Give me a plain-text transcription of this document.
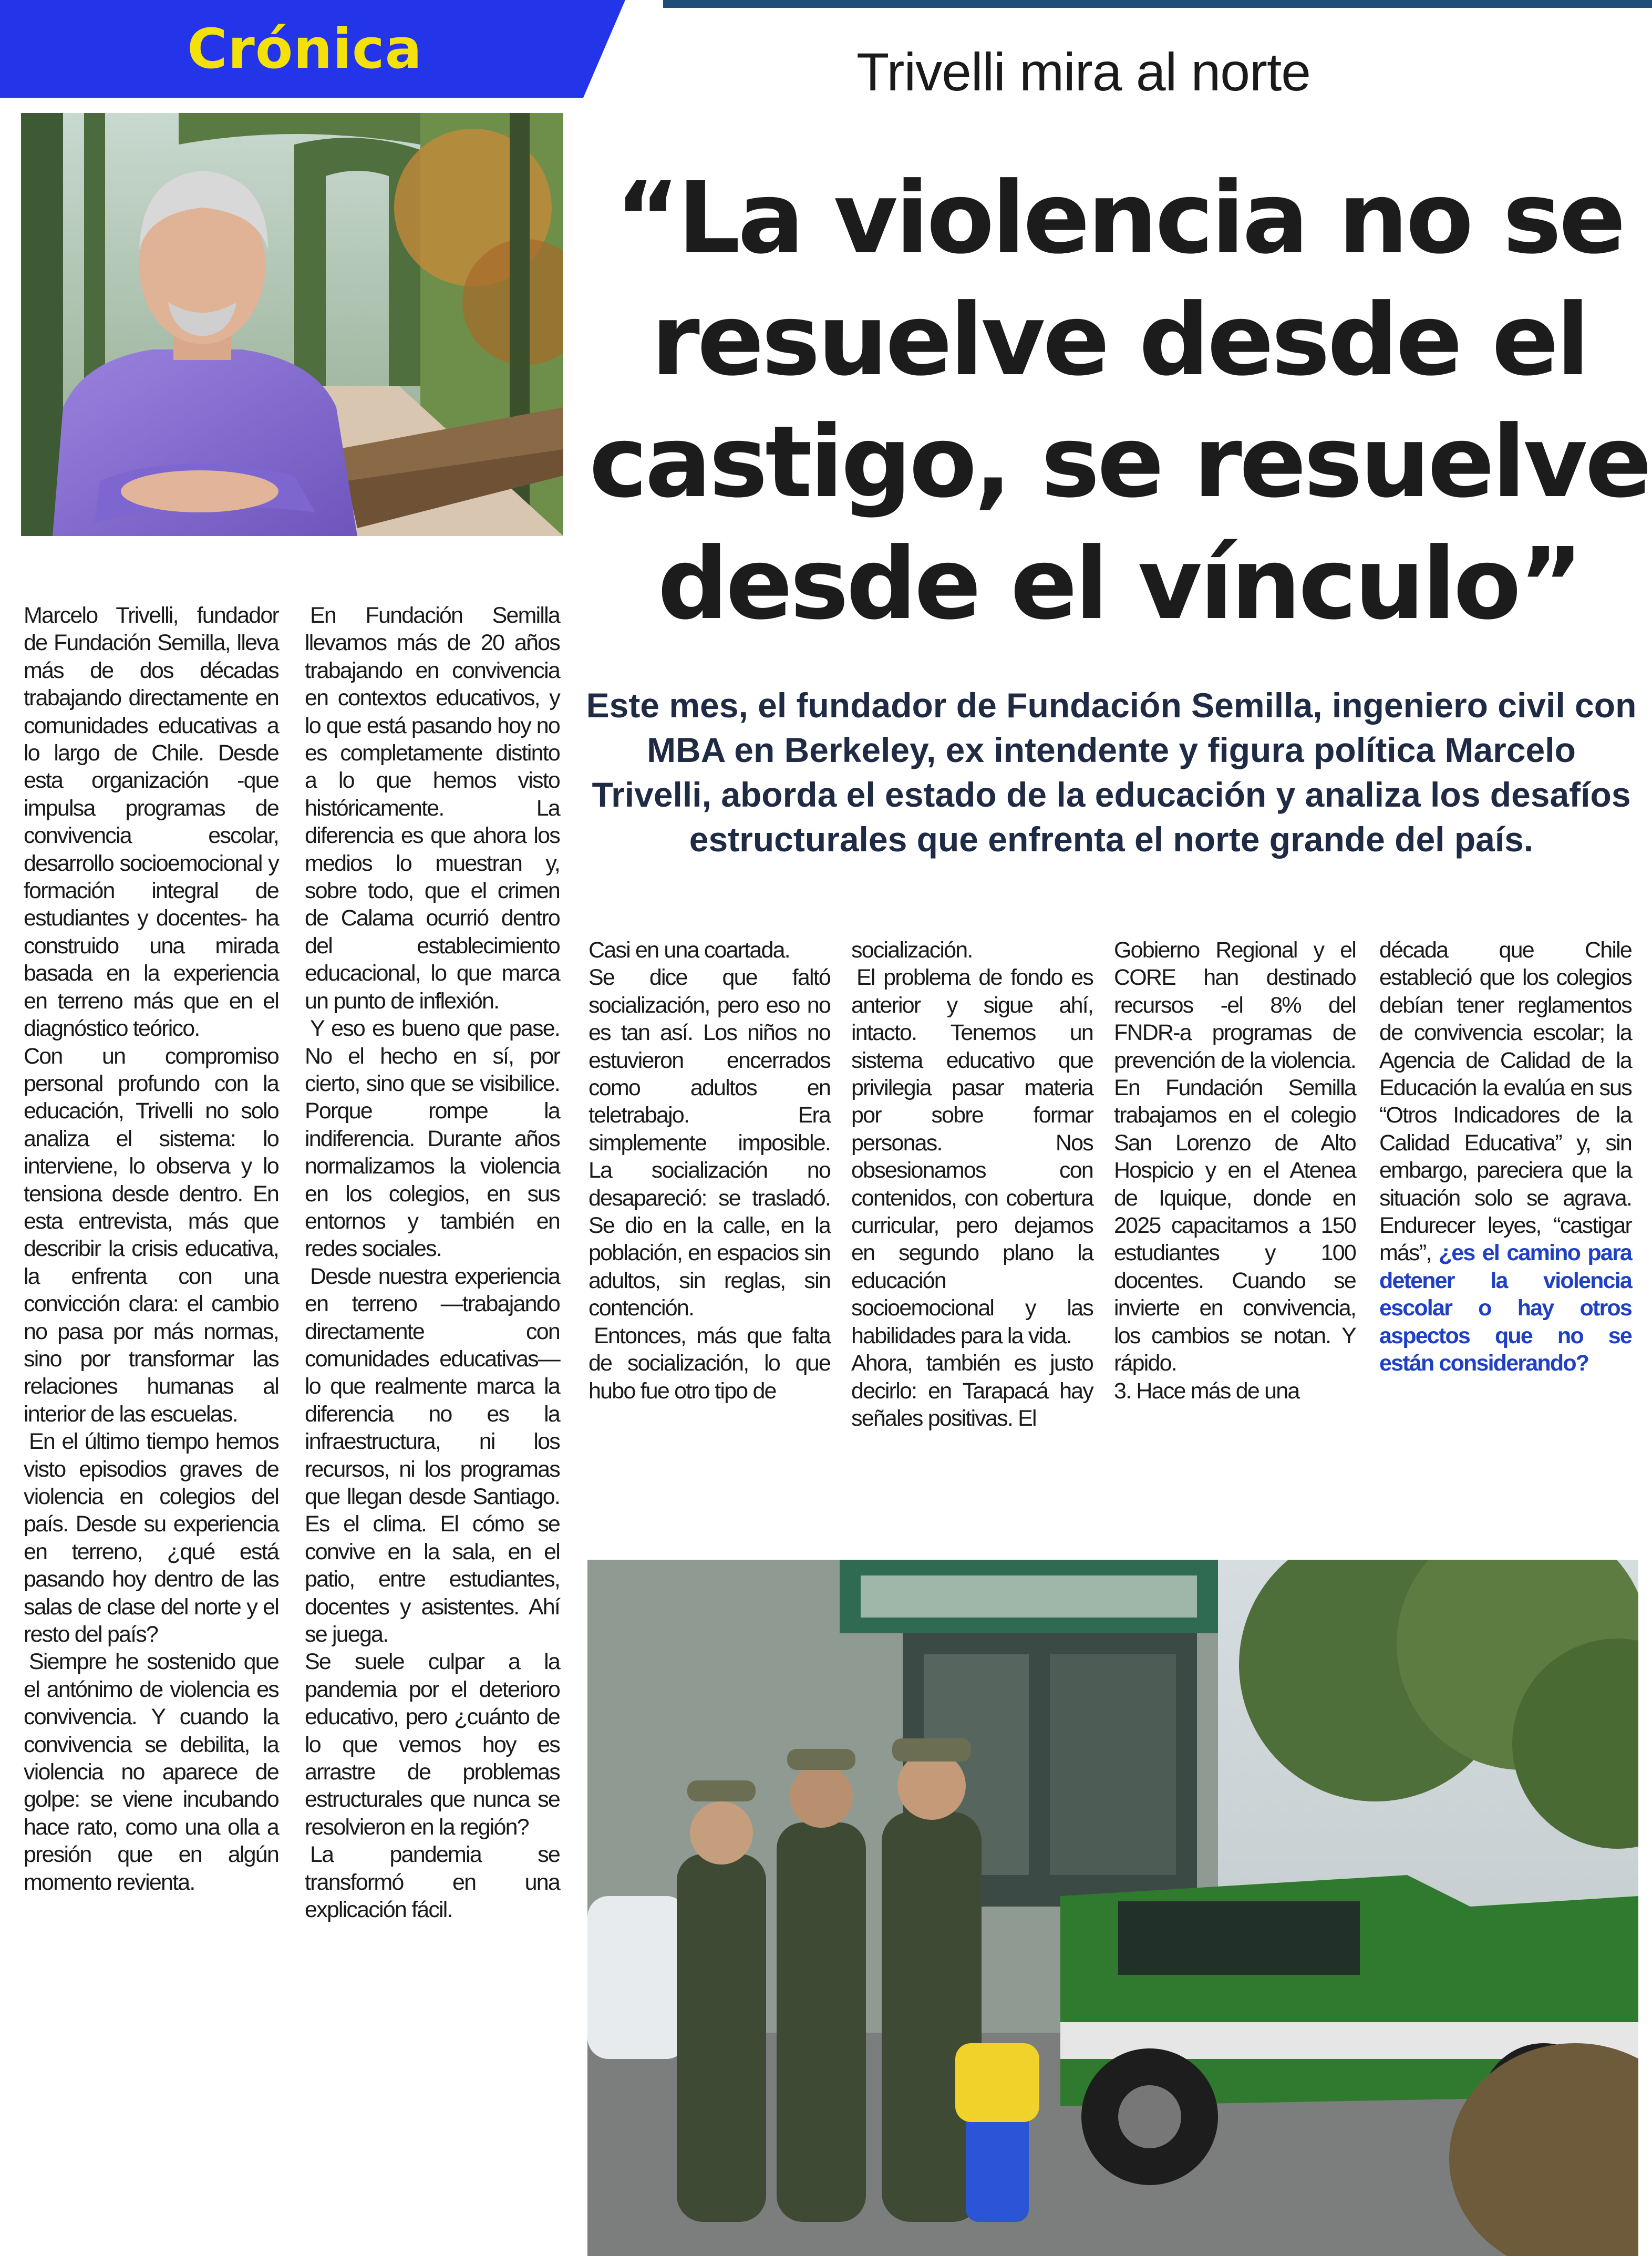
Crónica	Trivelli mira al norte
“La violencia no se resuelve desde el castigo, se resuelve desde el vínculo”

Este mes, el fundador de Fundación Semilla, ingeniero civil con MBA en Berkeley, ex intendente y figura política Marcelo Trivelli, aborda el estado de la educación y analiza los desafíos estructurales que enfrenta el norte grande del país.

Marcelo Trivelli, fundador de Fundación Semilla, lleva más de dos décadas trabajando directamente en comunidades educativas a lo largo de Chile. Desde esta organización -que impulsa programas de convivencia escolar, desarrollo socioemocional y formación integral de estudiantes y docentes- ha construido una mirada basada en la experiencia en terreno más que en el diagnóstico teórico.

Con un compromiso personal profundo con la educación, Trivelli no solo analiza el sistema: lo interviene, lo observa y lo tensiona desde dentro. En esta entrevista, más que describir la crisis educativa, la enfrenta con una convicción clara: el cambio no pasa por más normas, sino por transformar las relaciones humanas al interior de las escuelas.

En el último tiempo hemos visto episodios graves de violencia en colegios del país. Desde su experiencia en terreno, ¿qué está pasando hoy dentro de las salas de clase del norte y el resto del país?

Siempre he sostenido que el antónimo de violencia es convivencia. Y cuando la convivencia se debilita, la violencia no aparece de golpe: se viene incubando hace rato, como una olla a presión que en algún momento revienta.

En Fundación Semilla llevamos más de 20 años trabajando en convivencia en contextos educativos, y lo que está pasando hoy no es completamente distinto a lo que hemos visto históricamente. La diferencia es que ahora los medios lo muestran y, sobre todo, que el crimen de Calama ocurrió dentro del establecimiento educacional, lo que marca un punto de inflexión.

Y eso es bueno que pase. No el hecho en sí, por cierto, sino que se visibilice. Porque rompe la indiferencia. Durante años normalizamos la violencia en los colegios, en sus entornos y también en redes sociales.

Desde nuestra experiencia en terreno —trabajando directamente con comunidades educativas— lo que realmente marca la diferencia no es la infraestructura, ni los recursos, ni los programas que llegan desde Santiago. Es el clima. El cómo se convive en la sala, en el patio, entre estudiantes, docentes y asistentes. Ahí se juega.

Se suele culpar a la pandemia por el deterioro educativo, pero ¿cuánto de lo que vemos hoy es arrastre de problemas estructurales que nunca se resolvieron en la región?

La pandemia se transformó en una explicación fácil.

Casi en una coartada.

Se dice que faltó socialización, pero eso no es tan así. Los niños no estuvieron encerrados como adultos en teletrabajo. Era simplemente imposible. La socialización no desapareció: se trasladó. Se dio en la calle, en la población, en espacios sin adultos, sin reglas, sin contención.

Entonces, más que falta de socialización, lo que hubo fue otro tipo de

socialización.

El problema de fondo es anterior y sigue ahí, intacto. Tenemos un sistema educativo que privilegia pasar materia por sobre formar personas. Nos obsesionamos con contenidos, con cobertura curricular, pero dejamos en segundo plano la educación socioemocional y las habilidades para la vida.

Ahora, también es justo decirlo: en Tarapacá hay señales positivas. El

Gobierno Regional y el CORE han destinado recursos -el 8% del FNDR-a programas de prevención de la violencia. En Fundación Semilla trabajamos en el colegio San Lorenzo de Alto Hospicio y en el Atenea de Iquique, donde en 2025 capacitamos a 150 estudiantes y 100 docentes. Cuando se invierte en convivencia, los cambios se notan. Y rápido.

3. Hace más de una

década que Chile estableció que los colegios debían tener reglamentos de convivencia escolar; la Agencia de Calidad de la Educación la evalúa en sus “Otros Indicadores de la Calidad Educativa” y, sin embargo, pareciera que la situación solo se agrava. Endurecer leyes, “castigar más”, ¿es el camino para detener la violencia escolar o hay otros aspectos que no se están considerando?
